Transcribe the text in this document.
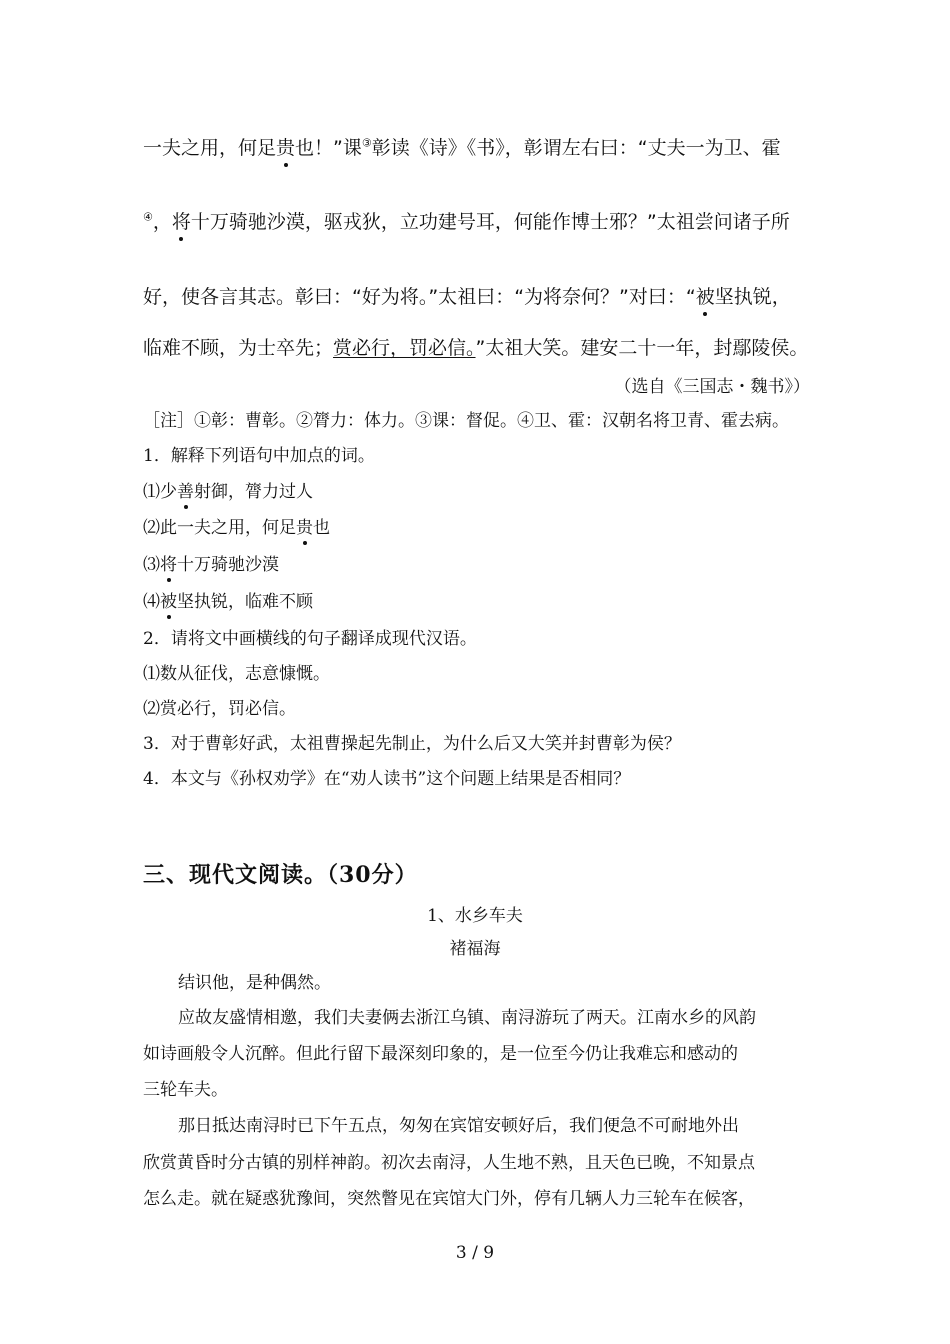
一夫之用，何足贵也！”课③彰读《诗》《书》，彰谓左右曰：“丈夫一为卫、霍
④，将十万骑驰沙漠，驱戎狄，立功建号耳，何能作博士邪？”太祖尝问诸子所
好，使各言其志。彰曰：“好为将。”太祖曰：“为将奈何？”对曰：“被坚执锐，
临难不顾，为士卒先；赏必行，罚必信。”太祖大笑。建安二十一年，封鄢陵侯。
（选自《三国志・魏书》）
［注］①彰：曹彰。②膂力：体力。③课：督促。④卫、霍：汉朝名将卫青、霍去病。
1．解释下列语句中加点的词。
⑴少善射御，膂力过人
⑵此一夫之用，何足贵也
⑶将十万骑驰沙漠
⑷被坚执锐，临难不顾
2．请将文中画横线的句子翻译成现代汉语。
⑴数从征伐，志意慷慨。
⑵赏必行，罚必信。
3．对于曹彰好武，太祖曹操起先制止，为什么后又大笑并封曹彰为侯？
4．本文与《孙权劝学》在“劝人读书”这个问题上结果是否相同？
三、现代文阅读。（30分）
1、水乡车夫
褚福海
结识他，是种偶然。
应故友盛情相邀，我们夫妻俩去浙江乌镇、南浔游玩了两天。江南水乡的风韵
如诗画般令人沉醉。但此行留下最深刻印象的，是一位至今仍让我难忘和感动的
三轮车夫。
那日抵达南浔时已下午五点，匆匆在宾馆安顿好后，我们便急不可耐地外出
欣赏黄昏时分古镇的别样神韵。初次去南浔，人生地不熟，且天色已晚，不知景点
怎么走。就在疑惑犹豫间，突然瞥见在宾馆大门外，停有几辆人力三轮车在候客，
3 / 9
